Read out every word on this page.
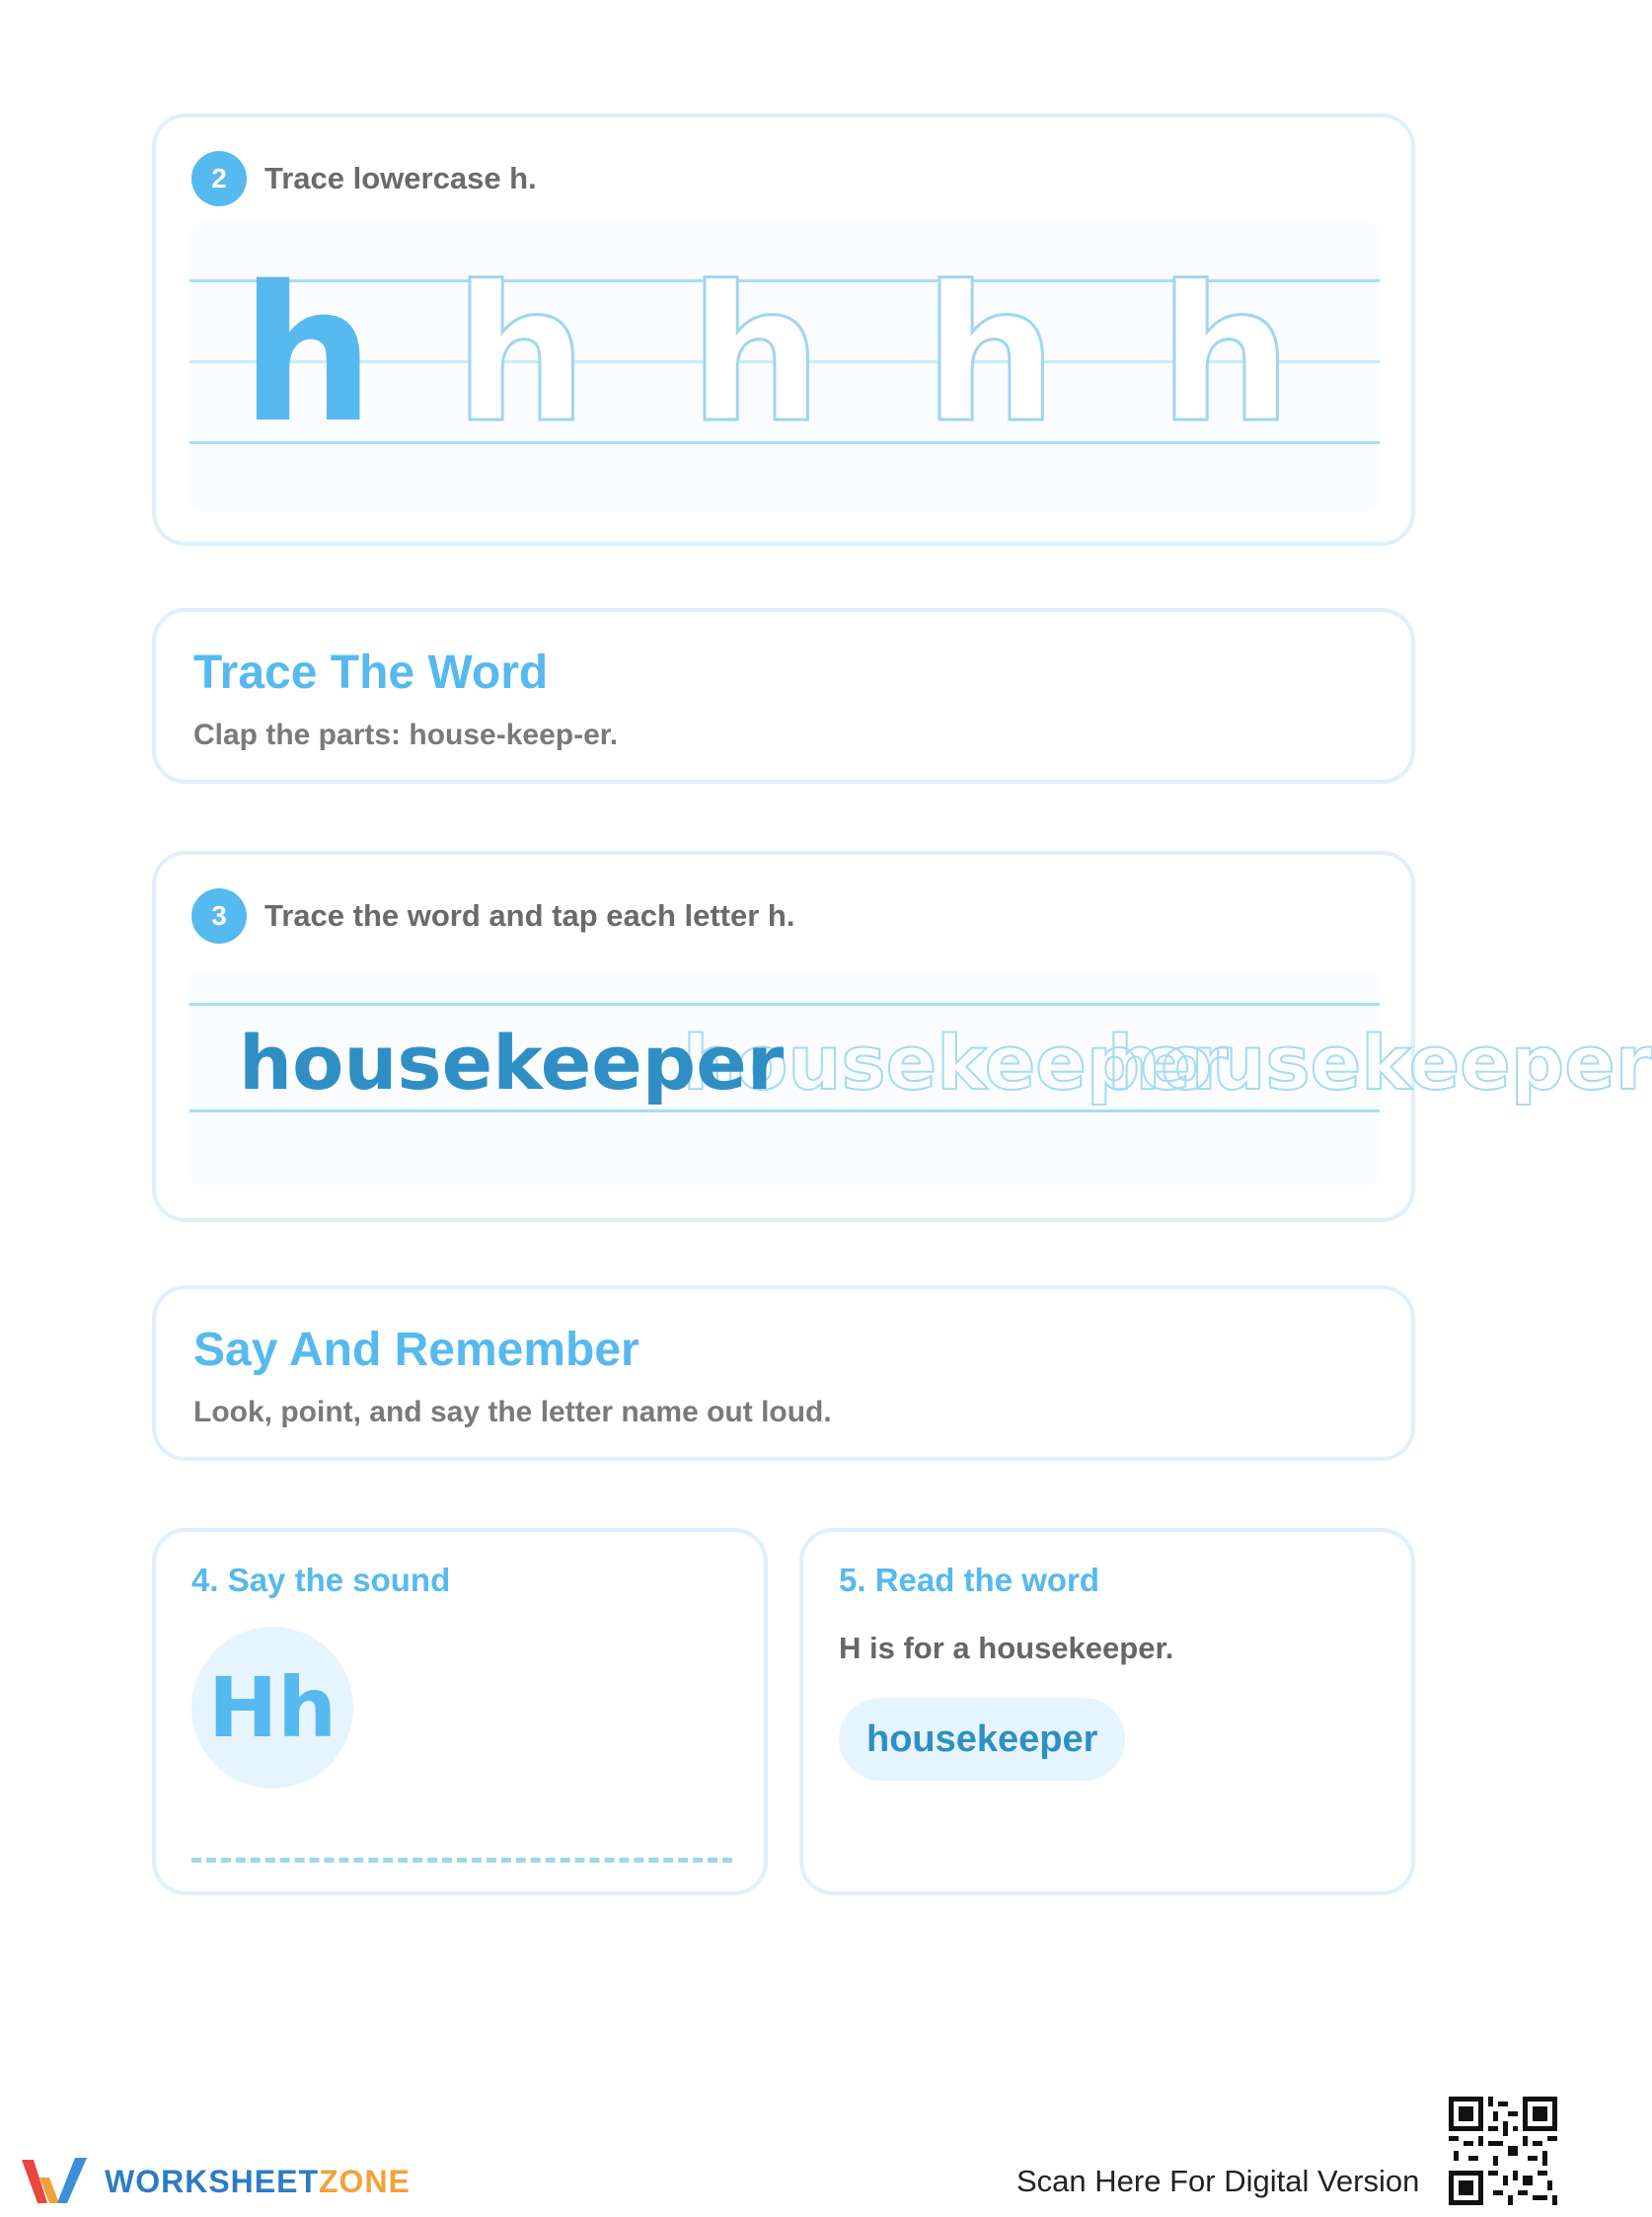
2	Trace lowercase h.
h h h h h
Trace The Word
Clap the parts: house-keep-er.
3	Trace the word and tap each letter h.
housekeeper
housekeeper
housekeeper
Say And Remember
Look, point, and say the letter name out loud.
4. Say the sound
Hh
5. Read the word
H is for a housekeeper.
housekeeper
WORKSHEETZONE	Scan Here For Digital Version
